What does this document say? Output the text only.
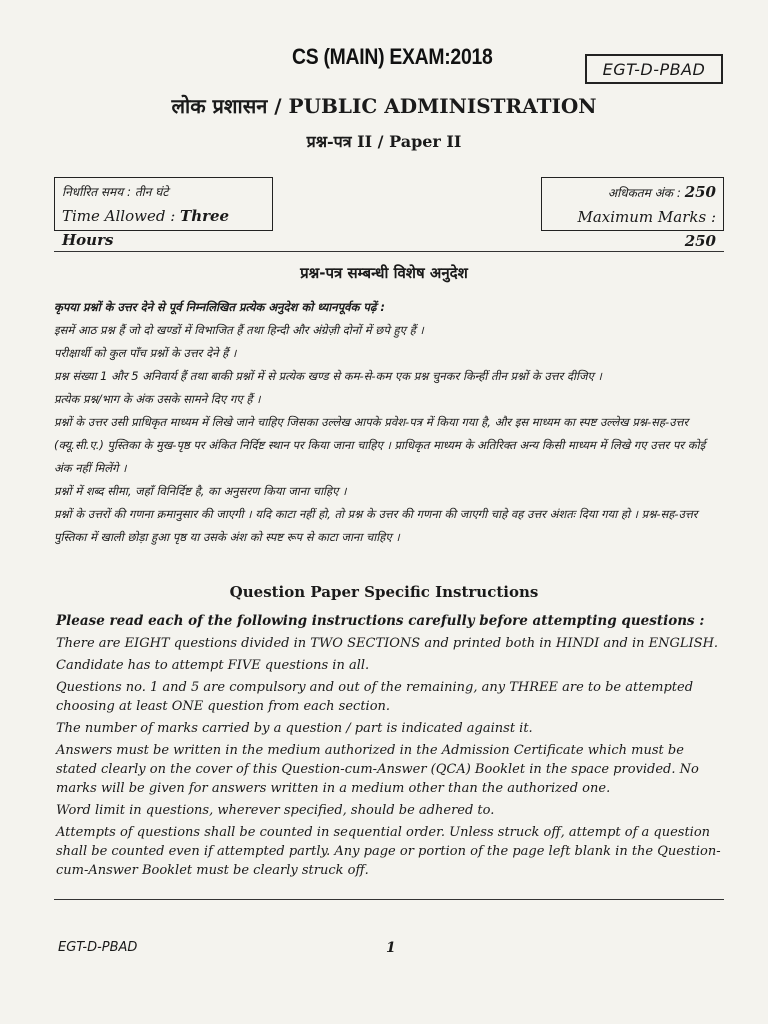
CS (MAIN) EXAM:2018	EGT-D-PBAD
लोक प्रशासन / PUBLIC ADMINISTRATION
प्रश्न-पत्र II / Paper II
निर्धारित समय : तीन घंटे
Time Allowed : Three Hours
अधिकतम अंक : 250
Maximum Marks : 250
प्रश्न-पत्र सम्बन्धी विशेष अनुदेश

कृपया प्रश्नों के उत्तर देने से पूर्व निम्नलिखित प्रत्येक अनुदेश को ध्यानपूर्वक पढ़ें :

इसमें आठ प्रश्न हैं जो दो खण्डों में विभाजित हैं तथा हिन्दी और अंग्रेज़ी दोनों में छपे हुए हैं ।

परीक्षार्थी को कुल पाँच प्रश्नों के उत्तर देने हैं ।

प्रश्न संख्या 1 और 5 अनिवार्य हैं तथा बाकी प्रश्नों में से प्रत्येक खण्ड से कम-से-कम एक प्रश्न चुनकर किन्हीं तीन प्रश्नों के उत्तर दीजिए ।

प्रत्येक प्रश्न/भाग के अंक उसके सामने दिए गए हैं ।

प्रश्नों के उत्तर उसी प्राधिकृत माध्यम में लिखे जाने चाहिए जिसका उल्लेख आपके प्रवेश-पत्र में किया गया है, और इस माध्यम का स्पष्ट उल्लेख प्रश्न-सह-उत्तर (क्यू.सी.ए.) पुस्तिका के मुख-पृष्ठ पर अंकित निर्दिष्ट स्थान पर किया जाना चाहिए । प्राधिकृत माध्यम के अतिरिक्त अन्य किसी माध्यम में लिखे गए उत्तर पर कोई अंक नहीं मिलेंगे ।

प्रश्नों में शब्द सीमा, जहाँ विनिर्दिष्ट है, का अनुसरण किया जाना चाहिए ।

प्रश्नों के उत्तरों की गणना क्रमानुसार की जाएगी । यदि काटा नहीं हो, तो प्रश्न के उत्तर की गणना की जाएगी चाहे वह उत्तर अंशतः दिया गया हो । प्रश्न-सह-उत्तर पुस्तिका में खाली छोड़ा हुआ पृष्ठ या उसके अंश को स्पष्ट रूप से काटा जाना चाहिए ।

Question Paper Specific Instructions

Please read each of the following instructions carefully before attempting questions :

There are EIGHT questions divided in TWO SECTIONS and printed both in HINDI and in ENGLISH.

Candidate has to attempt FIVE questions in all.

Questions no. 1 and 5 are compulsory and out of the remaining, any THREE are to be attempted choosing at least ONE question from each section.

The number of marks carried by a question / part is indicated against it.

Answers must be written in the medium authorized in the Admission Certificate which must be stated clearly on the cover of this Question-cum-Answer (QCA) Booklet in the space provided. No marks will be given for answers written in a medium other than the authorized one.

Word limit in questions, wherever specified, should be adhered to.

Attempts of questions shall be counted in sequential order. Unless struck off, attempt of a question shall be counted even if attempted partly. Any page or portion of the page left blank in the Question-cum-Answer Booklet must be clearly struck off.

EGT-D-PBAD	1
